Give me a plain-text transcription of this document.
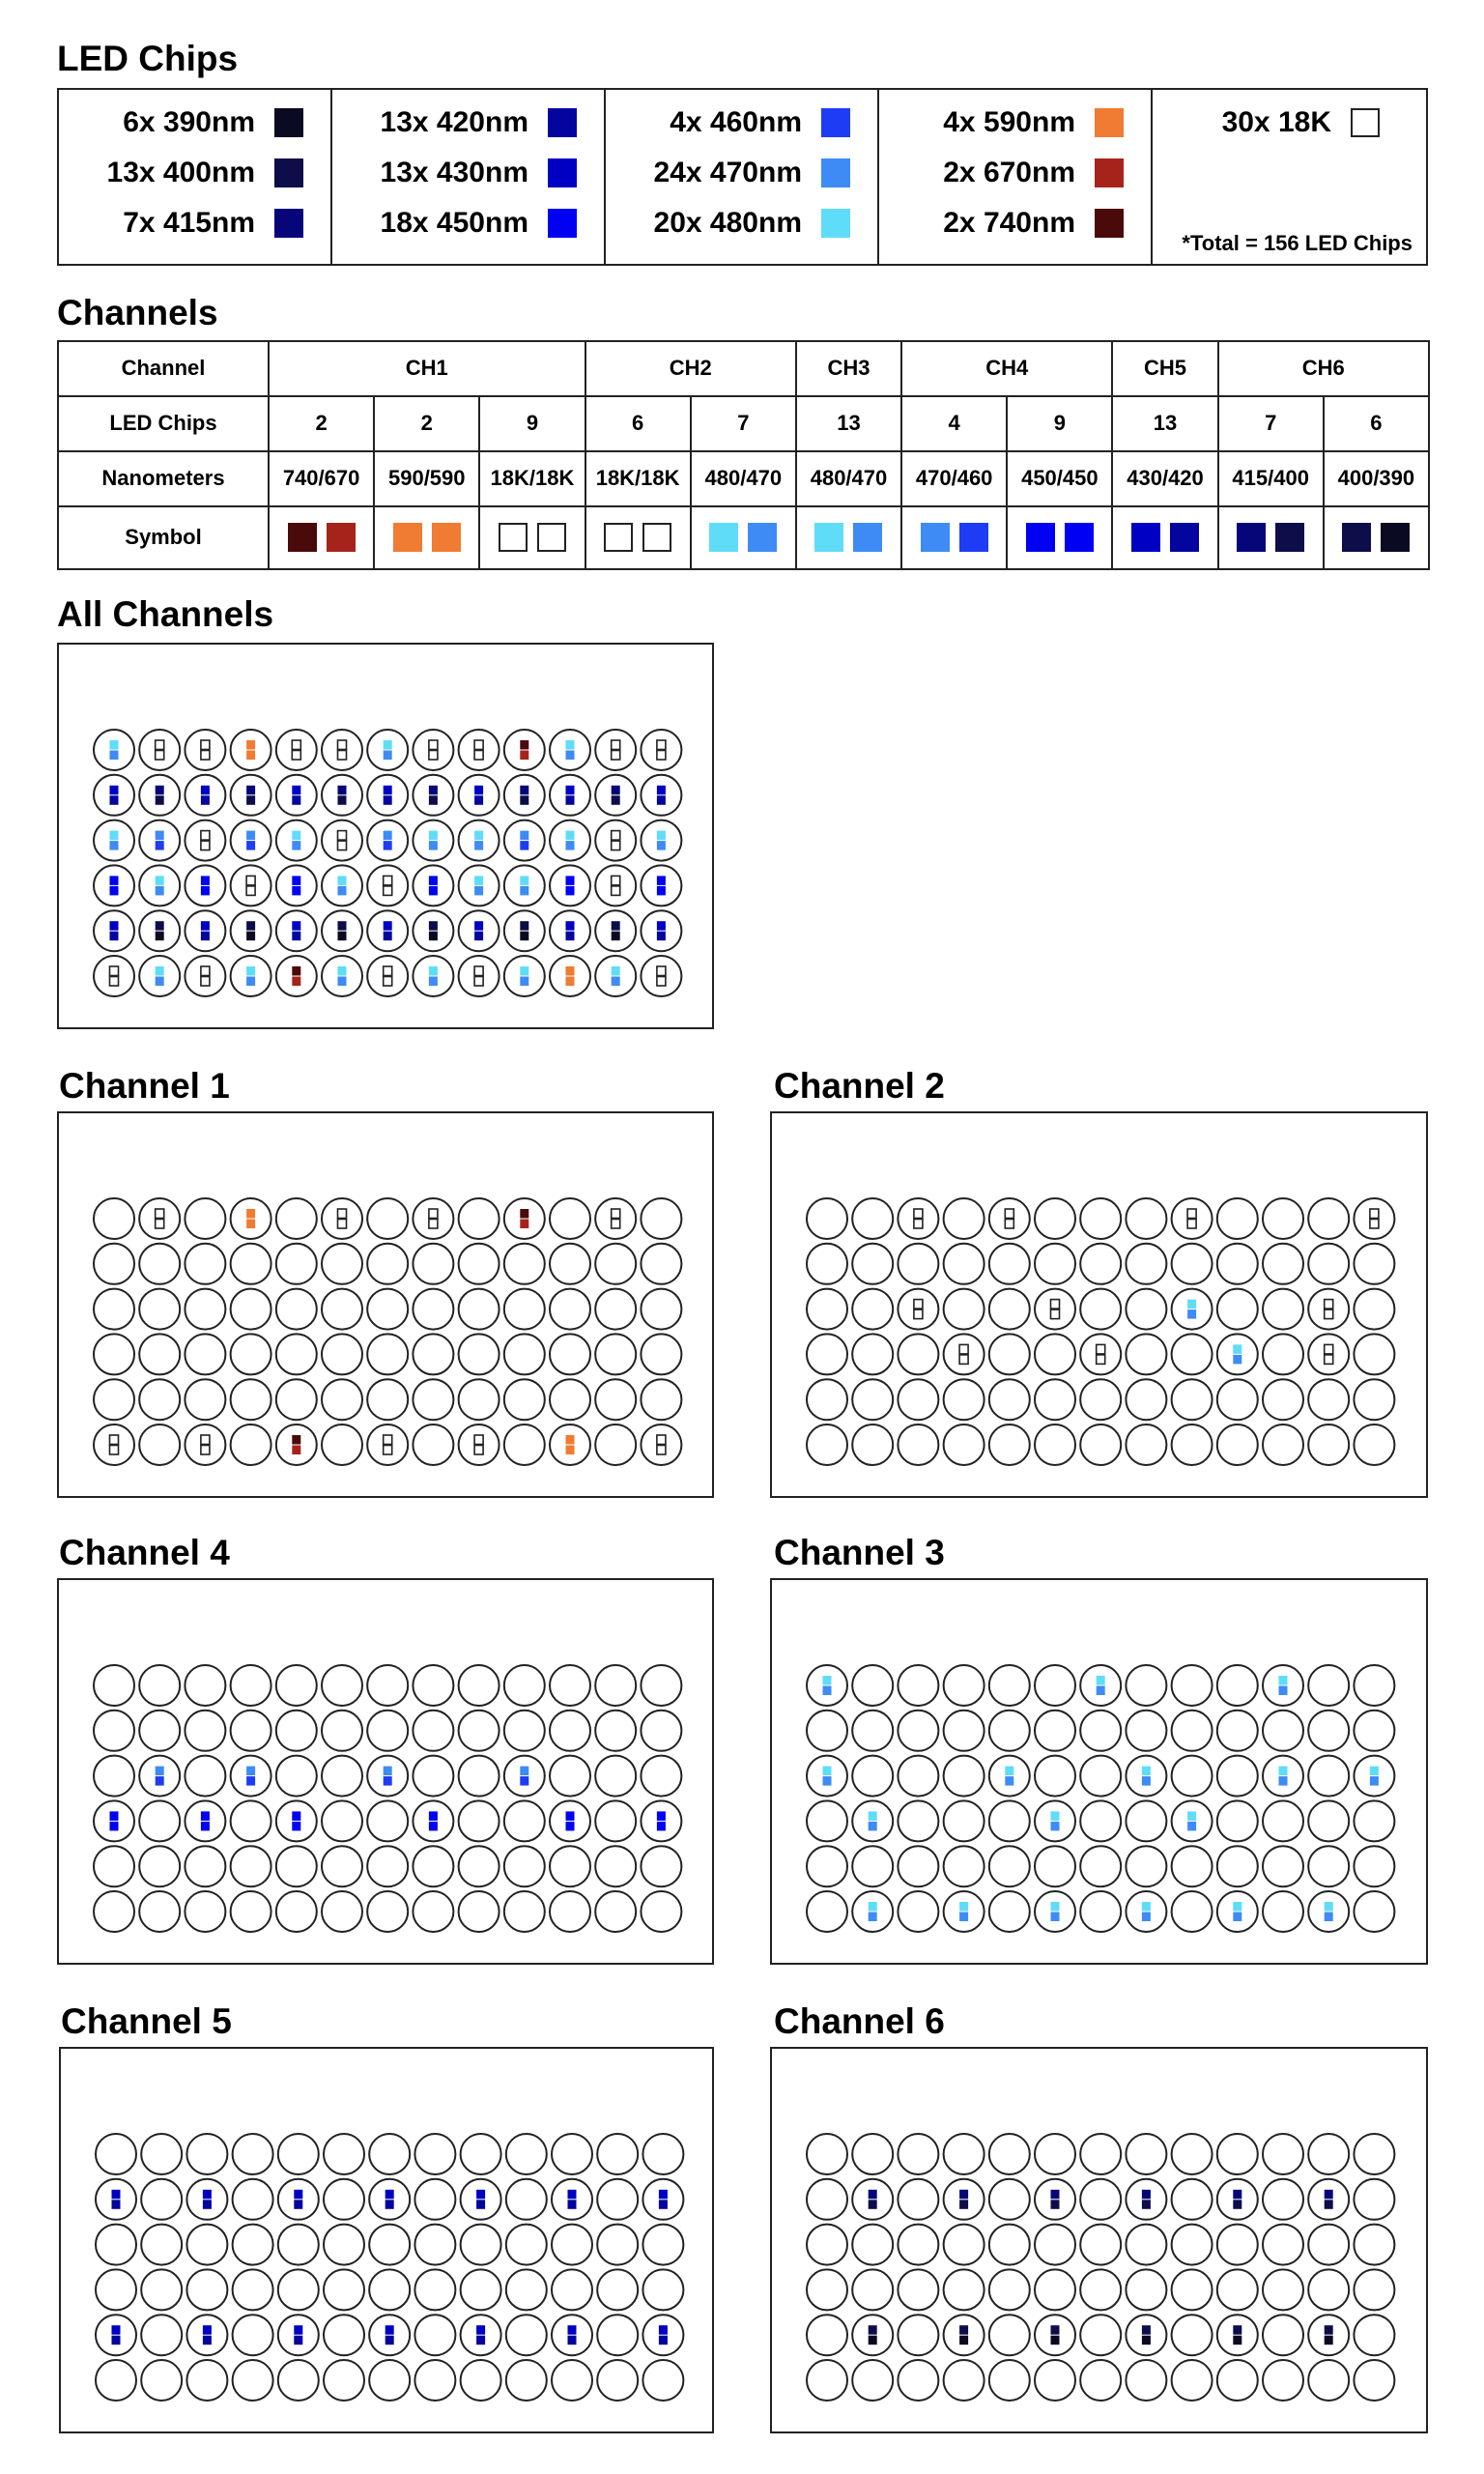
LED Chips
6x 390nm
13x 400nm
7x 415nm
13x 420nm
13x 430nm
18x 450nm
4x 460nm
24x 470nm
20x 480nm
4x 590nm
2x 670nm
2x 740nm
*Total = 156 LED Chips
30x 18K
Channels
Channel	CH1			CH2		CH3	CH4		CH5	CH6	
LED Chips	2	2	9	6	7	13	4	9	13	7	6
Nanometers	740/670	590/590	18K/18K	18K/18K	480/470	480/470	470/460	450/450	430/420	415/400	400/390
Symbol	

All Channels
Channel 1	Channel 2
Channel 4	Channel 3
Channel 5	Channel 6
